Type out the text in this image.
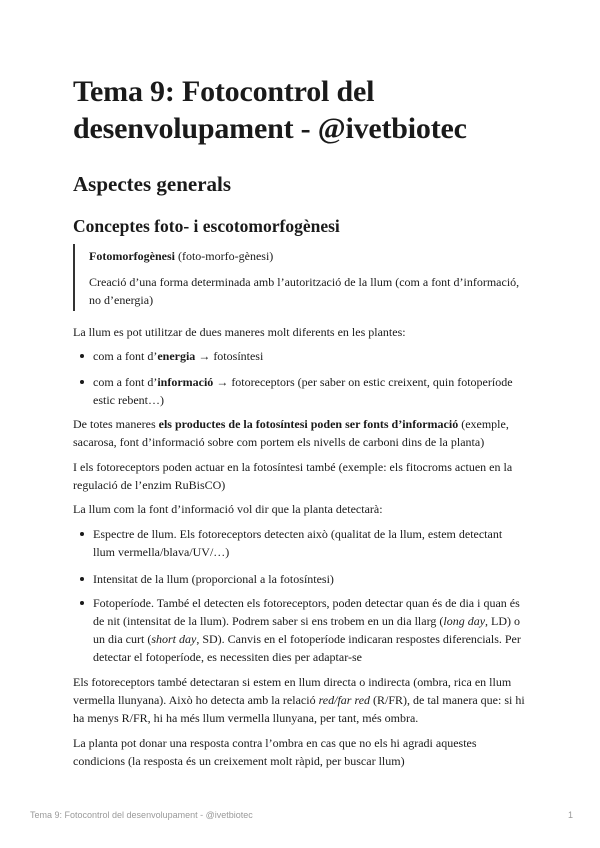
Tema 9: Fotocontrol del desenvolupament - @ivetbiotec
Aspectes generals
Conceptes foto- i escotomorfogènesi

Fotomorfogènesi (foto-morfo-gènesi)

Creació d’una forma determinada amb l’autorització de la llum (com a font d’informació, no d’energia)

La llum es pot utilitzar de dues maneres molt diferents en les plantes:

com a font d’energia → fotosíntesi
com a font d’informació → fotoreceptors (per saber on estic creixent, quin fotoperíode estic rebent…)

De totes maneres els productes de la fotosíntesi poden ser fonts d’informació (exemple, sacarosa, font d’informació sobre com portem els nivells de carboni dins de la planta)

I els fotoreceptors poden actuar en la fotosíntesi també (exemple: els fitocroms actuen en la regulació de l’enzim RuBisCO)

La llum com la font d’informació vol dir que la planta detectarà:

Espectre de llum. Els fotoreceptors detecten això (qualitat de la llum, estem detectant llum vermella/blava/UV/…)
Intensitat de la llum (proporcional a la fotosíntesi)
Fotoperíode. També el detecten els fotoreceptors, poden detectar quan és de dia i quan és de nit (intensitat de la llum). Podrem saber si ens trobem en un dia llarg (long day, LD) o un dia curt (short day, SD). Canvis en el fotoperíode indicaran respostes diferencials. Per detectar el fotoperíode, es necessiten dies per adaptar-se

Els fotoreceptors també detectaran si estem en llum directa o indirecta (ombra, rica en llum vermella llunyana). Això ho detecta amb la relació red/far red (R/FR), de tal manera que: si hi ha menys R/FR, hi ha més llum vermella llunyana, per tant, més ombra.

La planta pot donar una resposta contra l’ombra en cas que no els hi agradi aquestes condicions (la resposta és un creixement molt ràpid, per buscar llum)

Tema 9: Fotocontrol del desenvolupament - @ivetbiotec	1
